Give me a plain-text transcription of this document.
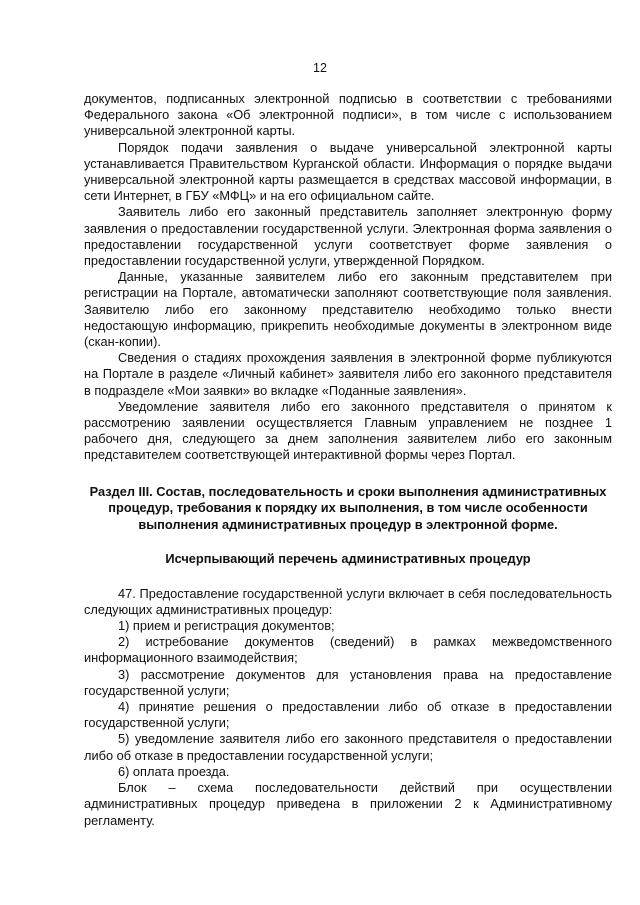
12

документов, подписанных электронной подписью в соответствии с требованиями Федерального закона «Об электронной подписи», в том числе с использованием универсальной электронной карты.

Порядок подачи заявления о выдаче универсальной электронной карты устанавливается Правительством Курганской области. Информация о порядке выдачи универсальной электронной карты размещается в средствах массовой информации, в сети Интернет, в ГБУ «МФЦ» и на его официальном сайте.

Заявитель либо его законный представитель заполняет электронную форму заявления о предоставлении государственной услуги. Электронная форма заявления о предоставлении государственной услуги соответствует форме заявления о предоставлении государственной услуги, утвержденной Порядком.

Данные, указанные заявителем либо его законным представителем при регистрации на Портале, автоматически заполняют соответствующие поля заявления. Заявителю либо его законному представителю необходимо только внести недостающую информацию, прикрепить необходимые документы в электронном виде (скан-копии).

Сведения о стадиях прохождения заявления в электронной форме публикуются на Портале в разделе «Личный кабинет» заявителя либо его законного представителя в подразделе «Мои заявки» во вкладке «Поданные заявления».

Уведомление заявителя либо его законного представителя о принятом к рассмотрению заявлении осуществляется Главным управлением не позднее 1 рабочего дня, следующего за днем заполнения заявителем либо его законным представителем соответствующей интерактивной формы через Портал.

Раздел III. Состав, последовательность и сроки выполнения административных процедур, требования к порядку их выполнения, в том числе особенности выполнения административных процедур в электронной форме.

Исчерпывающий перечень административных процедур

47. Предоставление государственной услуги включает в себя последовательность следующих административных процедур:

1) прием и регистрация документов;

2) истребование документов (сведений) в рамках межведомственного информационного взаимодействия;

3) рассмотрение документов для установления права на предоставление государственной услуги;

4) принятие решения о предоставлении либо об отказе в предоставлении государственной услуги;

5) уведомление заявителя либо его законного представителя о предоставлении либо об отказе в предоставлении государственной услуги;

6) оплата проезда.

Блок – схема последовательности действий при осуществлении административных процедур приведена в приложении 2 к Административному регламенту.
